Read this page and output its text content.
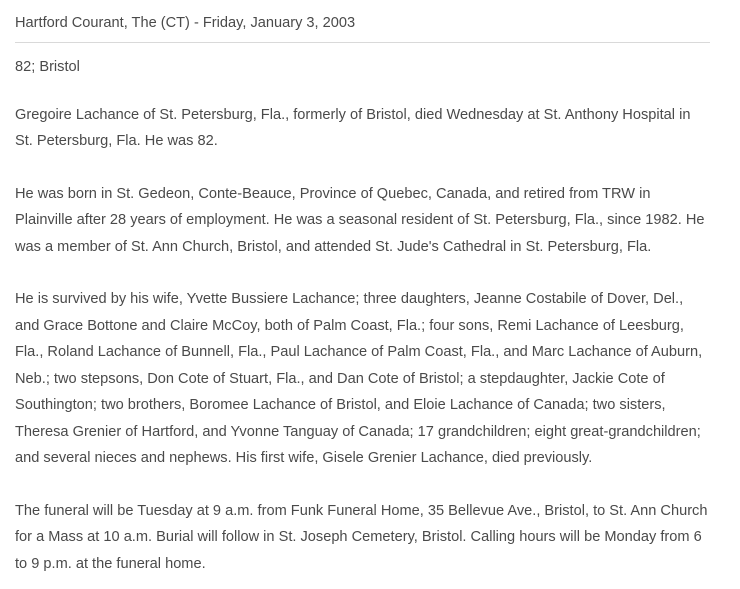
Hartford Courant, The (CT) - Friday, January 3, 2003

82; Bristol

Gregoire Lachance of St. Petersburg, Fla., formerly of Bristol, died Wednesday at St. Anthony Hospital in St. Petersburg, Fla. He was 82.

He was born in St. Gedeon, Conte-Beauce, Province of Quebec, Canada, and retired from TRW in Plainville after 28 years of employment. He was a seasonal resident of St. Petersburg, Fla., since 1982. He was a member of St. Ann Church, Bristol, and attended St. Jude's Cathedral in St. Petersburg, Fla.

He is survived by his wife, Yvette Bussiere Lachance; three daughters, Jeanne Costabile of Dover, Del., and Grace Bottone and Claire McCoy, both of Palm Coast, Fla.; four sons, Remi Lachance of Leesburg, Fla., Roland Lachance of Bunnell, Fla., Paul Lachance of Palm Coast, Fla., and Marc Lachance of Auburn, Neb.; two stepsons, Don Cote of Stuart, Fla., and Dan Cote of Bristol; a stepdaughter, Jackie Cote of Southington; two brothers, Boromee Lachance of Bristol, and Eloie Lachance of Canada; two sisters, Theresa Grenier of Hartford, and Yvonne Tanguay of Canada; 17 grandchildren; eight great-grandchildren; and several nieces and nephews. His first wife, Gisele Grenier Lachance, died previously.

The funeral will be Tuesday at 9 a.m. from Funk Funeral Home, 35 Bellevue Ave., Bristol, to St. Ann Church for a Mass at 10 a.m. Burial will follow in St. Joseph Cemetery, Bristol. Calling hours will be Monday from 6 to 9 p.m. at the funeral home.
